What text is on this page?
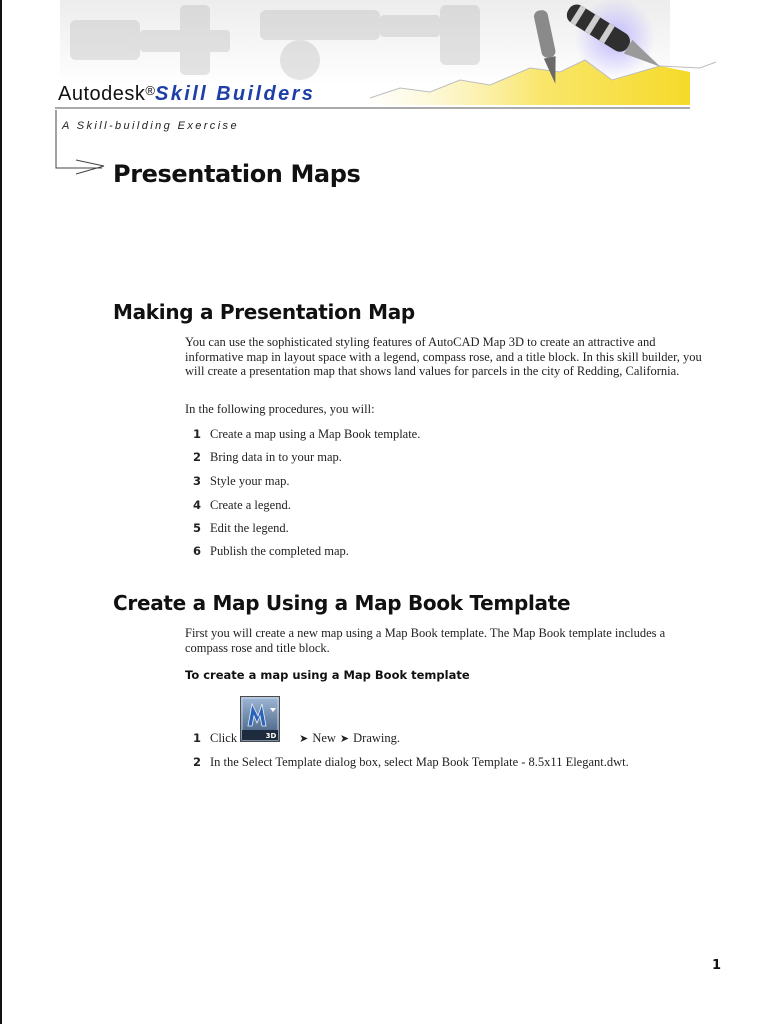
Autodesk®Skill Builders
A Skill-building Exercise
Presentation Maps
Making a Presentation Map

You can use the sophisticated styling features of AutoCAD Map 3D to create an attractive and informative map in layout space with a legend, compass rose, and a title block. In this skill builder, you will create a presentation map that shows land values for parcels in the city of Redding, California.

In the following procedures, you will:

1 Create a map using a Map Book template.
2 Bring data in to your map.
3 Style your map.
4 Create a legend.
5 Edit the legend.
6 Publish the completed map.
Create a Map Using a Map Book Template

First you will create a new map using a Map Book template. The Map Book template includes a compass rose and title block.

To create a map using a Map Book template

3D
1 Click	➤ New ➤ Drawing.
2 In the Select Template dialog box, select Map Book Template - 8.5x11 Elegant.dwt.
1
